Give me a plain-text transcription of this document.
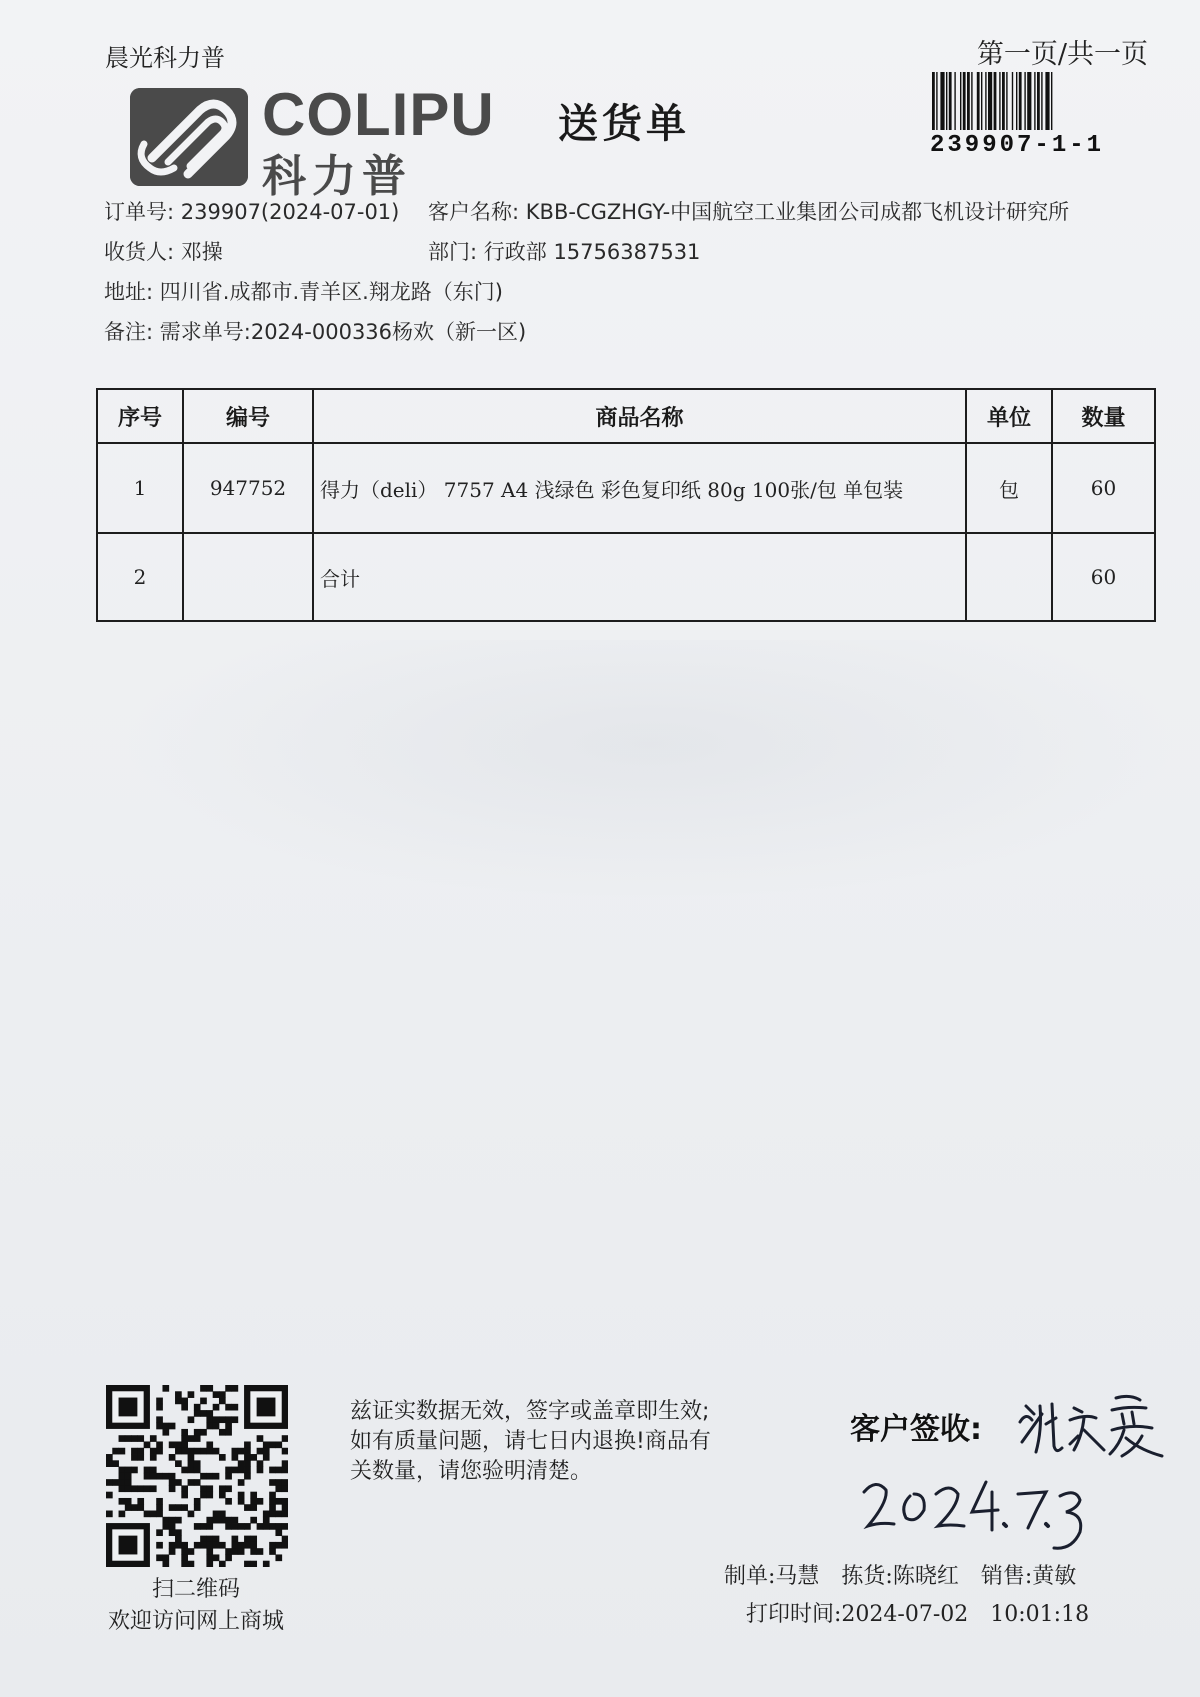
晨光科力普	第一页/共一页
COLIPU
科力普
送货单	239907-1-1
订单号: 239907(2024-07-01) 客户名称: KBB-CGZHGY-中国航空工业集团公司成都飞机设计研究所
收货人: 邓操	部门: 行政部 15756387531
地址: 四川省.成都市.青羊区.翔龙路（东门)
备注: 需求单号:2024-000336杨欢（新一区)
序号	编号	商品名称	单位	数量
1	947752	得力（deli） 7757 A4 浅绿色 彩色复印纸 80g 100张/包 单包装	包	60
2		合计		60
扫二维码
欢迎访问网上商城
兹证实数据无效，签字或盖章即生效;
如有质量问题，请七日内退换!商品有
关数量，请您验明清楚。
客户签收:
制单:马慧　拣货:陈晓红　销售:黄敏
打印时间:2024-07-02　10:01:18
